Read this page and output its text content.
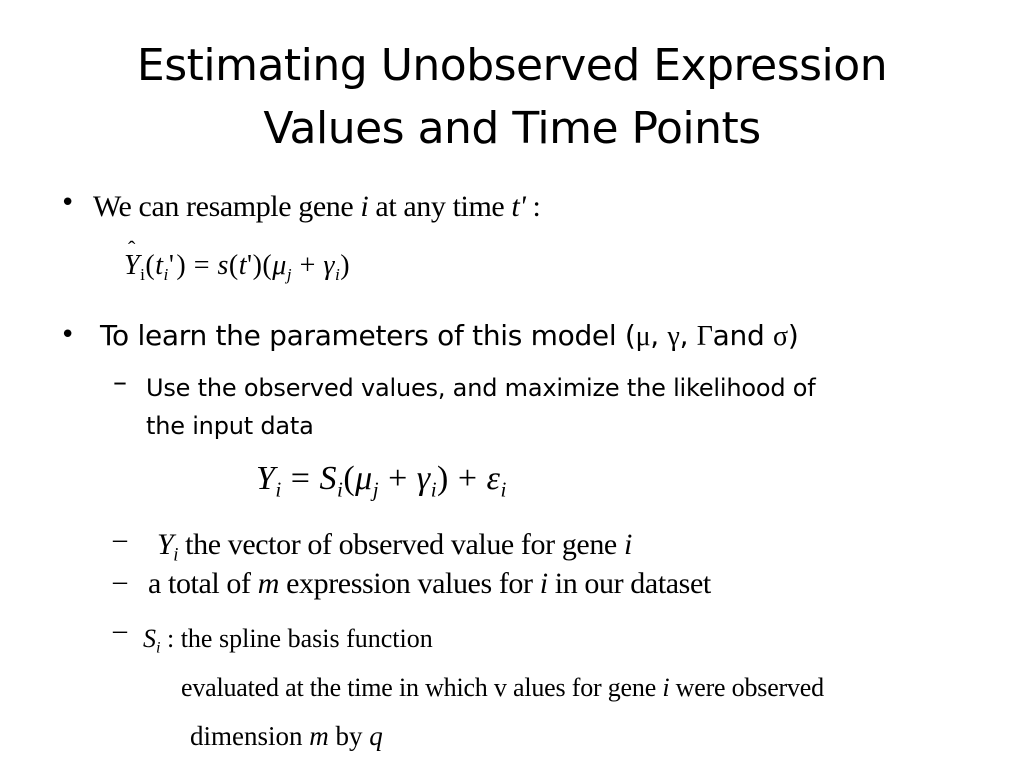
Estimating Unobserved Expression
Values and Time Points
• We can resample gene i at any time t' :
ˆ $Y_i(t_i') = s(t')(\mu_j + \gamma_i)$
• To learn the parameters of this model (μ, γ, Γand σ)
– Use the observed values, and maximize the likelihood of
the input data
$Y_i = S_i(\mu_j + \gamma_i) + \varepsilon_i$
– $Y_i$ the vector of observed value for gene i
– a total of m expression values for i in our dataset
– $S_i$ : the spline basis function
evaluated at the time in which v alues for gene i were observed
dimension m by q
